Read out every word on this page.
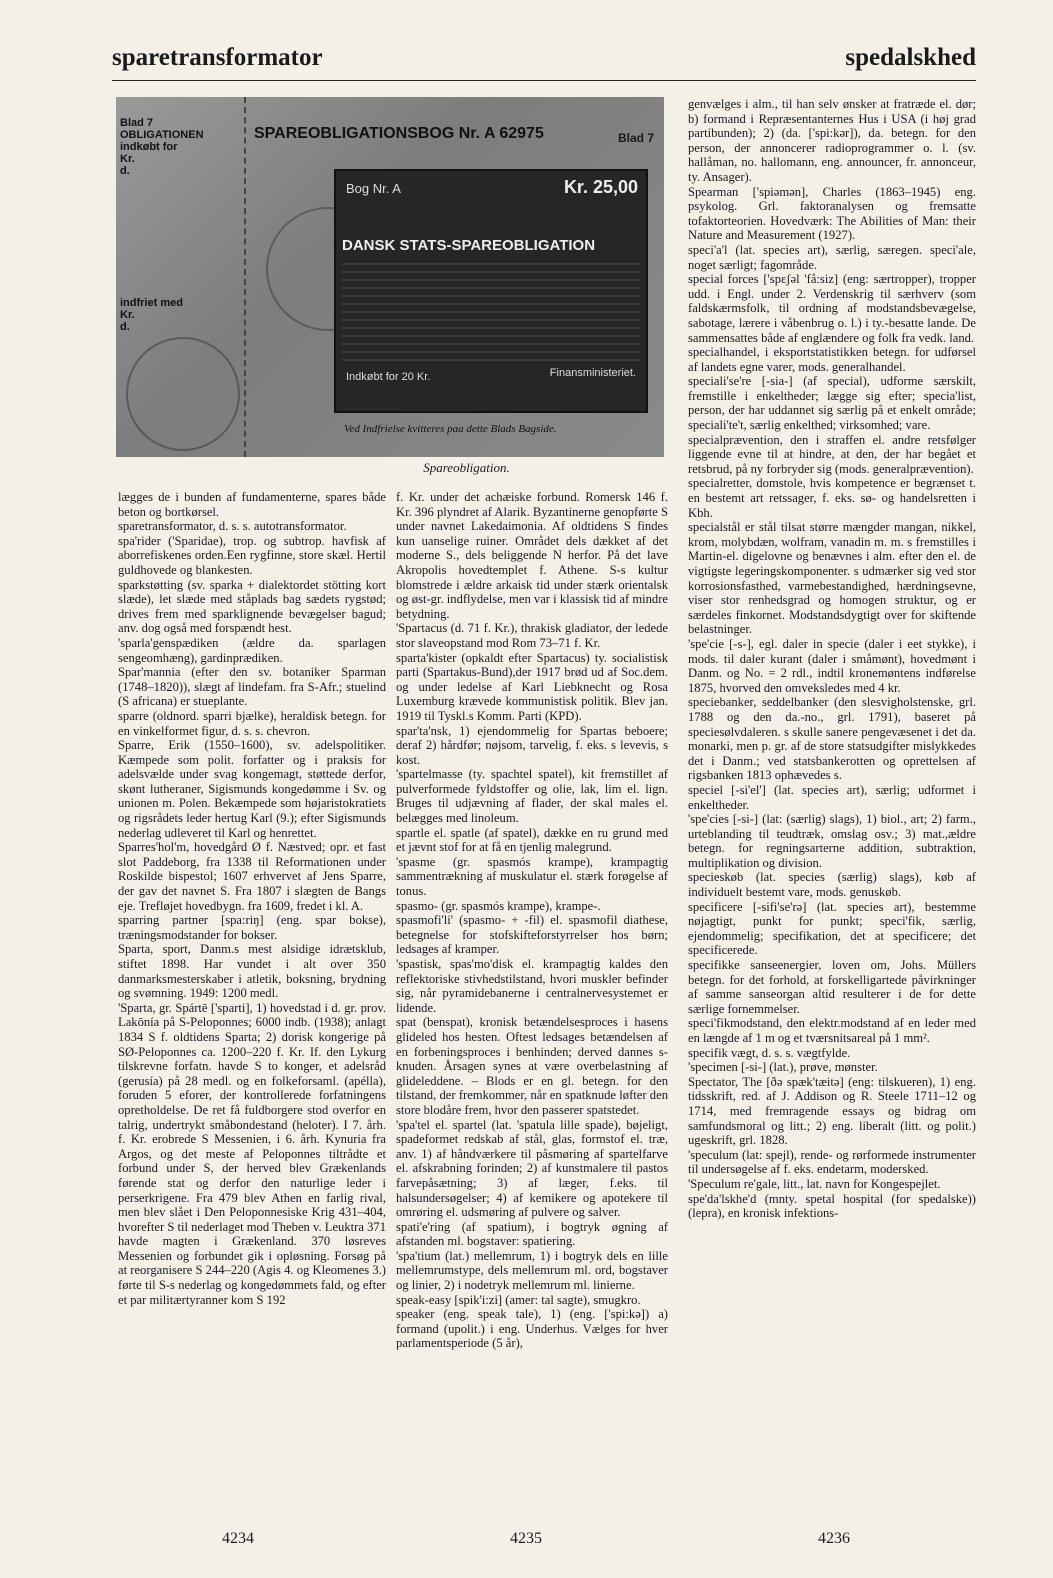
sparetransformator	spedalskhed
Blad 7
OBLIGATIONEN
indkøbt for
Kr.
d.
indfriet med
Kr.
d.
SPAREOBLIGATIONSBOG Nr. A 62975	Blad 7
Bog Nr. A	Kr. 25,00
DANSK STATS-SPAREOBLIGATION
Indkøbt for 20 Kr.	Finansministeriet.
Ved Indfrielse kvitteres paa dette Blads Bagside.
Spareobligation.

lægges de i bunden af fundamenterne, spares både beton og bortkørsel.

sparetransformator, d. s. s. autotransformator.

spa'rider ('Sparidae), trop. og subtrop. havfisk af aborrefiskenes orden.Een rygfinne, store skæl. Hertil guldhovede og blankesten.

sparkstøtting (sv. sparka + dialektordet stötting kort slæde), let slæde med ståplads bag sædets rygstød; drives frem med sparklignende bevægelser bagud; anv. dog også med forspændt hest.

'sparla'genspædiken (ældre da. sparlagen sengeomhæng), gardinprædiken.

Spar'mannia (efter den sv. botaniker Sparman (1748–1820)), slægt af lindefam. fra S-Afr.; stuelind (S africana) er stueplante.

sparre (oldnord. sparri bjælke), heraldisk betegn. for en vinkelformet figur, d. s. s. chevron.

Sparre, Erik (1550–1600), sv. adelspolitiker. Kæmpede som polit. forfatter og i praksis for adelsvælde under svag kongemagt, støttede derfor, skønt lutheraner, Sigismunds kongedømme i Sv. og unionen m. Polen. Bekæmpede som højaristokratiets og rigsrådets leder hertug Karl (9.); efter Sigismunds nederlag udleveret til Karl og henrettet.

Sparres'hol'm, hovedgård Ø f. Næstved; opr. et fast slot Paddeborg, fra 1338 til Reformationen under Roskilde bispestol; 1607 erhvervet af Jens Sparre, der gav det navnet S. Fra 1807 i slægten de Bangs eje. Trefløjet hovedbygn. fra 1609, fredet i kl. A.

sparring partner [spa:riŋ] (eng. spar bokse), træningsmodstander for bokser.

Sparta, sport, Danm.s mest alsidige idrætsklub, stiftet 1898. Har vundet i alt over 350 danmarksmesterskaber i atletik, boksning, brydning og svømning. 1949: 1200 medl.

'Sparta, gr. Spártē ['sparti], 1) hovedstad i d. gr. prov. Lakōnía på S-Peloponnes; 6000 indb. (1938); anlagt 1834 S f. oldtidens Sparta; 2) dorisk kongerige på SØ-Peloponnes ca. 1200–220 f. Kr. If. den Lykurg tilskrevne forfatn. havde S to konger, et adelsråd (gerusía) på 28 medl. og en folkeforsaml. (apélla), foruden 5 eforer, der kontrollerede forfatningens opretholdelse. De ret få fuldborgere stod overfor en talrig, undertrykt småbondestand (heloter). I 7. årh. f. Kr. erobrede S Messenien, i 6. årh. Kynuria fra Argos, og det meste af Peloponnes tiltrådte et forbund under S, der herved blev Grækenlands førende stat og derfor den naturlige leder i perserkrigene. Fra 479 blev Athen en farlig rival, men blev slået i Den Peloponnesiske Krig 431–404, hvorefter S til nederlaget mod Theben v. Leuktra 371 havde magten i Grækenland. 370 løsreves Messenien og forbundet gik i opløsning. Forsøg på at reorganisere S 244–220 (Agis 4. og Kleomenes 3.) førte til S-s nederlag og kongedømmets fald, og efter et par militærtyranner kom S 192

f. Kr. under det achæiske forbund. Romersk 146 f. Kr. 396 plyndret af Alarik. Byzantinerne genopførte S under navnet Lakedaimonia. Af oldtidens S findes kun uanselige ruiner. Området dels dækket af det moderne S., dels beliggende N herfor. På det lave Akropolis hovedtemplet f. Athene. S-s kultur blomstrede i ældre arkaisk tid under stærk orientalsk og øst-gr. indflydelse, men var i klassisk tid af mindre betydning.

'Spartacus (d. 71 f. Kr.), thrakisk gladiator, der ledede stor slaveopstand mod Rom 73–71 f. Kr.

sparta'kister (opkaldt efter Spartacus) ty. socialistisk parti (Spartakus-Bund),der 1917 brød ud af Soc.dem. og under ledelse af Karl Liebknecht og Rosa Luxemburg krævede kommunistisk politik. Blev jan. 1919 til Tyskl.s Komm. Parti (KPD).

spar'ta'nsk, 1) ejendommelig for Spartas beboere; deraf 2) hårdfør; nøjsom, tarvelig, f. eks. s levevis, s kost.

'spartelmasse (ty. spachtel spatel), kit fremstillet af pulverformede fyldstoffer og olie, lak, lim el. lign. Bruges til udjævning af flader, der skal males el. belægges med linoleum.

spartle el. spatle (af spatel), dække en ru grund med et jævnt stof for at få en tjenlig malegrund.

'spasme (gr. spasmós krampe), krampagtig sammentrækning af muskulatur el. stærk forøgelse af tonus.

spasmo- (gr. spasmós krampe), krampe-.

spasmofi'li' (spasmo- + -fil) el. spasmofil diathese, betegnelse for stofskifteforstyrrelser hos børn; ledsages af kramper.

'spastisk, spas'mo'disk el. krampagtig kaldes den reflektoriske stivhedstilstand, hvori muskler befinder sig, når pyramidebanerne i centralnervesystemet er lidende.

spat (benspat), kronisk betændelsesproces i hasens glideled hos hesten. Oftest ledsages betændelsen af en forbeningsproces i benhinden; derved dannes s-knuden. Årsagen synes at være overbelastning af glideleddene. – Blods er en gl. betegn. for den tilstand, der fremkommer, når en spatknude løfter den store blodåre frem, hvor den passerer spatstedet.

'spa'tel el. spartel (lat. 'spatula lille spade), bøjeligt, spadeformet redskab af stål, glas, formstof el. træ, anv. 1) af håndværkere til påsmøring af spartelfarve el. afskrabning forinden; 2) af kunstmalere til pastos farvepåsætning; 3) af læger, f.eks. til halsundersøgelser; 4) af kemikere og apotekere til omrøring el. udsmøring af pulvere og salver.

spati'e'ring (af spatium), i bogtryk øgning af afstanden ml. bogstaver: spatiering.

'spa'tium (lat.) mellemrum, 1) i bogtryk dels en lille mellemrumstype, dels mellemrum ml. ord, bogstaver og linier, 2) i nodetryk mellemrum ml. linierne.

speak-easy [spik'i:zi] (amer: tal sagte), smugkro.

speaker (eng. speak tale), 1) (eng. ['spi:kə]) a) formand (upolit.) i eng. Underhus. Vælges for hver parlamentsperiode (5 år),

genvælges i alm., til han selv ønsker at fratræde el. dør; b) formand i Repræsentanternes Hus i USA (i høj grad partibunden); 2) (da. ['spi:kər]), da. betegn. for den person, der annoncerer radioprogrammer o. l. (sv. hallåman, no. hallomann, eng. announcer, fr. annonceur, ty. Ansager).

Spearman ['spiəmən], Charles (1863–1945) eng. psykolog. Grl. faktoranalysen og fremsatte tofaktorteorien. Hovedværk: The Abilities of Man: their Nature and Measurement (1927).

speci'a'l (lat. species art), særlig, særegen. speci'ale, noget særligt; fagområde.

special forces ['spɛʃəl 'få:siz] (eng: særtropper), tropper udd. i Engl. under 2. Verdenskrig til særhverv (som faldskærmsfolk, til ordning af modstandsbevægelse, sabotage, lærere i våbenbrug o. l.) i ty.-besatte lande. De sammensattes både af englændere og folk fra vedk. land.

specialhandel, i eksportstatistikken betegn. for udførsel af landets egne varer, mods. generalhandel.

speciali'se're [-sia-] (af special), udforme særskilt, fremstille i enkeltheder; lægge sig efter; specia'list, person, der har uddannet sig særlig på et enkelt område; speciali'te't, særlig enkelthed; virksomhed; vare.

specialprævention, den i straffen el. andre retsfølger liggende evne til at hindre, at den, der har begået et retsbrud, på ny forbryder sig (mods. generalprævention).

specialretter, domstole, hvis kompetence er begrænset t. en bestemt art retssager, f. eks. sø- og handelsretten i Kbh.

specialstål er stål tilsat større mængder mangan, nikkel, krom, molybdæn, wolfram, vanadin m. m. s fremstilles i Martin-el. digelovne og benævnes i alm. efter den el. de vigtigste legeringskomponenter. s udmærker sig ved stor korrosionsfasthed, varmebestandighed, hærdningsevne, viser stor renhedsgrad og homogen struktur, og er særdeles finkornet. Modstandsdygtigt over for skiftende belastninger.

'spe'cie [-s-], egl. daler in specie (daler i eet stykke), i mods. til daler kurant (daler i småmønt), hovedmønt i Danm. og No. = 2 rdl., indtil kronemøntens indførelse 1875, hvorved den omveksledes med 4 kr.

speciebanker, seddelbanker (den slesvigholstenske, grl. 1788 og den da.-no., grl. 1791), baseret på speciesølvdaleren. s skulle sanere pengevæsenet i det da. monarki, men p. gr. af de store statsudgifter mislykkedes det i Danm.; ved statsbankerotten og oprettelsen af rigsbanken 1813 ophævedes s.

speciel [-si'el'] (lat. species art), særlig; udformet i enkeltheder.

'spe'cies [-si-] (lat: (særlig) slags), 1) biol., art; 2) farm., urteblanding til teudtræk, omslag osv.; 3) mat.,ældre betegn. for regningsarterne addition, subtraktion, multiplikation og division.

specieskøb (lat. species (særlig) slags), køb af individuelt bestemt vare, mods. genuskøb.

specificere [-sifi'se'rə] (lat. species art), bestemme nøjagtigt, punkt for punkt; speci'fik, særlig, ejendommelig; specifikation, det at specificere; det specificerede.

specifikke sanseenergier, loven om, Johs. Müllers betegn. for det forhold, at forskelligartede påvirkninger af samme sanseorgan altid resulterer i de for dette særlige fornemmelser.

speci'fikmodstand, den elektr.modstand af en leder med en længde af 1 m og et tværsnitsareal på 1 mm².

specifik vægt, d. s. s. vægtfylde.

'specimen [-si-] (lat.), prøve, mønster.

Spectator, The [ðə spæk'tæitə] (eng: tilskueren), 1) eng. tidsskrift, red. af J. Addison og R. Steele 1711–12 og 1714, med fremragende essays og bidrag om samfundsmoral og litt.; 2) eng. liberalt (litt. og polit.) ugeskrift, grl. 1828.

'speculum (lat: spejl), rende- og rørformede instrumenter til undersøgelse af f. eks. endetarm, modersked.

'Speculum re'gale, litt., lat. navn for Kongespejlet.

spe'da'lskhe'd (mnty. spetal hospital (for spedalske)) (lepra), en kronisk infektions-

4234	4235	4236
